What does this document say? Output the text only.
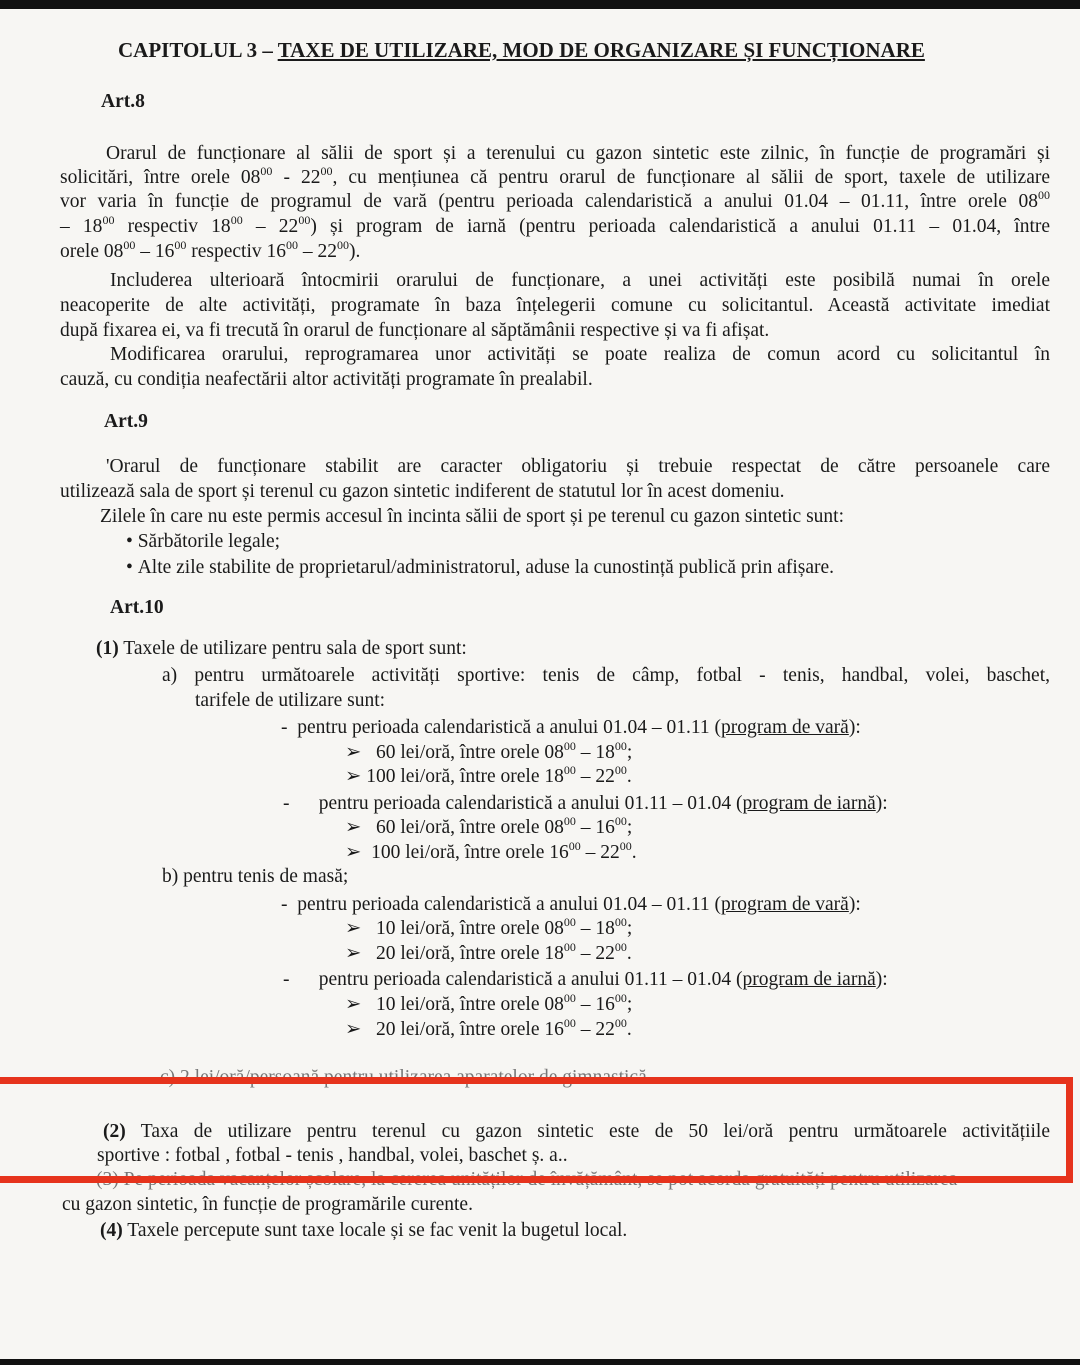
CAPITOLUL 3 – TAXE DE UTILIZARE, MOD DE ORGANIZARE ȘI FUNCȚIONARE
Art.8
Orarul de funcționare al sălii de sport și a terenului cu gazon sintetic este zilnic, în funcție de programări și
solicitări, între orele $08^{00} - 22^{00}$, cu mențiunea că pentru orarul de funcționare al sălii de sport, taxele de utilizare
vor varia în funcție de programul de vară (pentru perioada calendaristică a anului 01.04 – 01.11, între orele $08^{00}$
– $18^{00}$ respectiv $18^{00} - 22^{00}$) și program de iarnă (pentru perioada calendaristică a anului 01.11 – 01.04, între
orele $08^{00} - 16^{00}$ respectiv $16^{00} - 22^{00}$).
Includerea ulterioară întocmirii orarului de funcționare, a unei activități este posibilă numai în orele
neacoperite de alte activități, programate în baza înțelegerii comune cu solicitantul. Această activitate imediat
după fixarea ei, va fi trecută în orarul de funcționare al săptămânii respective și va fi afișat.
Modificarea orarului, reprogramarea unor activități se poate realiza de comun acord cu solicitantul în
cauză, cu condiția neafectării altor activități programate în prealabil.
Art.9
'Orarul de funcționare stabilit are caracter obligatoriu și trebuie respectat de către persoanele care
utilizează sala de sport și terenul cu gazon sintetic indiferent de statutul lor în acest domeniu.
Zilele în care nu este permis accesul în incinta sălii de sport și pe terenul cu gazon sintetic sunt:
• Sărbătorile legale;
• Alte zile stabilite de proprietarul/administratorul, aduse la cunostință publică prin afișare.
Art.10
(1) Taxele de utilizare pentru sala de sport sunt:
a) pentru următoarele activități sportive: tenis de câmp, fotbal - tenis, handbal, volei, baschet,
tarifele de utilizare sunt:
-  pentru perioada calendaristică a anului 01.04 – 01.11 (program de vară):
➢   60 lei/oră, între orele $08^{00} - 18^{00}$;
➢ 100 lei/oră, între orele $18^{00} - 22^{00}$.
-      pentru perioada calendaristică a anului 01.11 – 01.04 (program de iarnă):
➢   60 lei/oră, între orele $08^{00} - 16^{00}$;
➢  100 lei/oră, între orele $16^{00} - 22^{00}$.
b) pentru tenis de masă;
-  pentru perioada calendaristică a anului 01.04 – 01.11 (program de vară):
➢   10 lei/oră, între orele $08^{00} - 18^{00}$;
➢   20 lei/oră, între orele $18^{00} - 22^{00}$.
-      pentru perioada calendaristică a anului 01.11 – 01.04 (program de iarnă):
➢   10 lei/oră, între orele $08^{00} - 16^{00}$;
➢   20 lei/oră, între orele $16^{00} - 22^{00}$.
c) 2 lei/oră/persoană pentru utilizarea aparatelor de gimnastică
(2) Taxa de utilizare pentru terenul cu gazon sintetic este de 50 lei/oră pentru următoarele activitățiile
sportive : fotbal , fotbal - tenis , handbal, volei, baschet ș. a..
(3) Pe perioada vacanțelor școlare, la cererea unităților de învățământ, se pot acorda gratuități pentru utilizarea
cu gazon sintetic, în funcție de programările curente.
(4) Taxele percepute sunt taxe locale și se fac venit la bugetul local.
